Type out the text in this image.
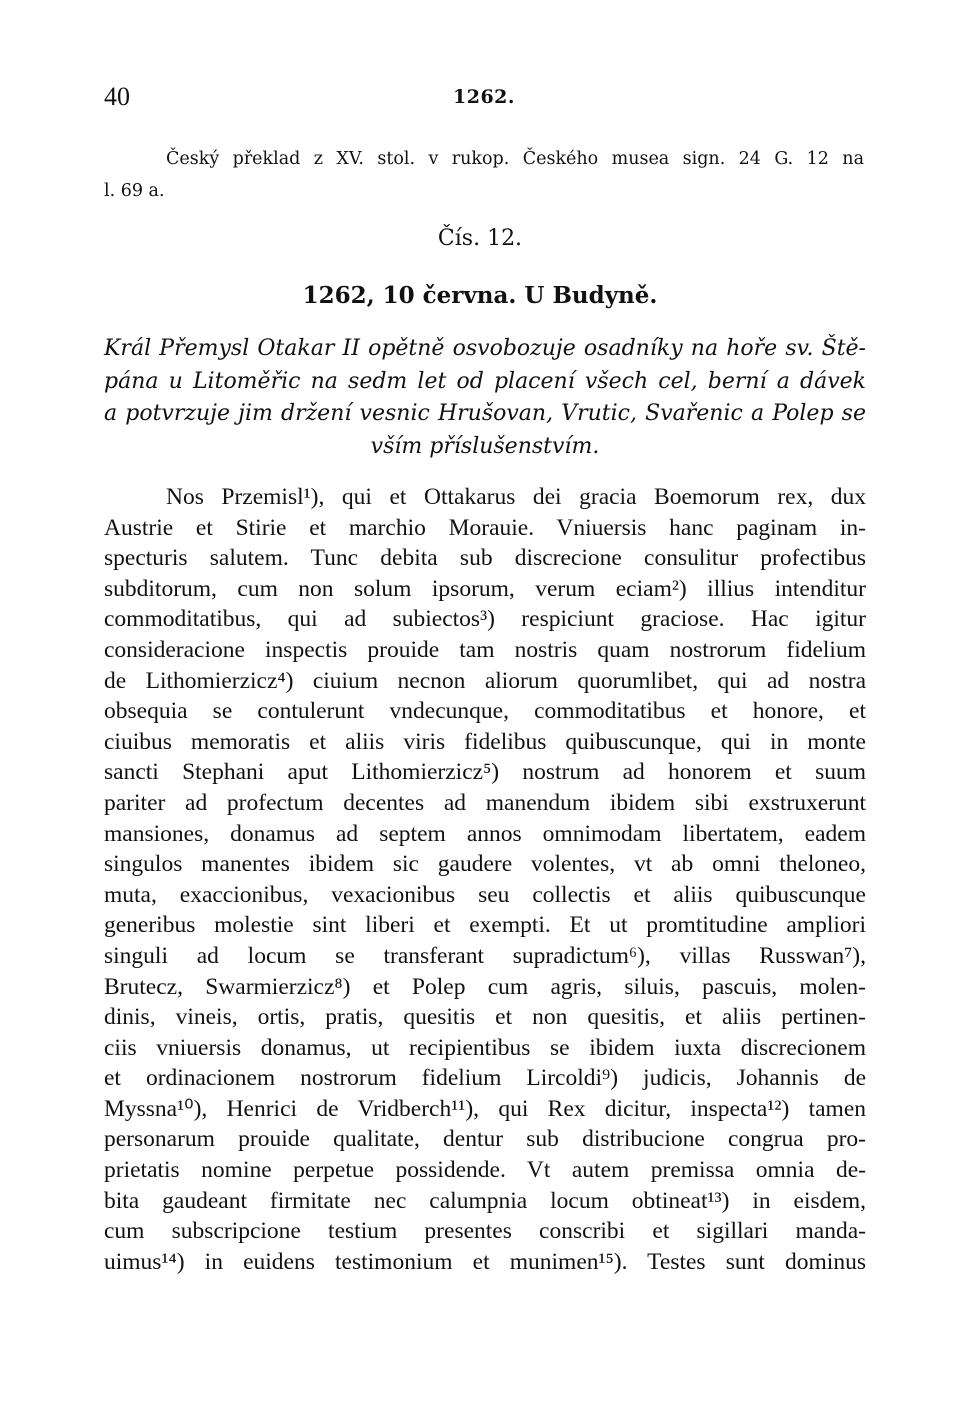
40	1262.
Český překlad z XV. stol. v rukop. Českého musea sign. 24 G. 12 na
l. 69 a.
Čís. 12.
1262, 10 června. U Budyně.
Král Přemysl Otakar II opětně osvobozuje osadníky na hoře sv. Ště-
pána u Litoměřic na sedm let od placení všech cel, berní a dávek
a potvrzuje jim držení vesnic Hrušovan, Vrutic, Svařenic a Polep se
vším příslušenstvím.
Nos Przemisl¹), qui et Ottakarus dei gracia Boemorum rex, dux
Austrie et Stirie et marchio Morauie. Vniuersis hanc paginam in-
specturis salutem. Tunc debita sub discrecione consulitur profectibus
subditorum, cum non solum ipsorum, verum eciam²) illius intenditur
commoditatibus, qui ad subiectos³) respiciunt graciose. Hac igitur
consideracione inspectis prouide tam nostris quam nostrorum fidelium
de Lithomierzicz⁴) ciuium necnon aliorum quorumlibet, qui ad nostra
obsequia se contulerunt vndecunque, commoditatibus et honore, et
ciuibus memoratis et aliis viris fidelibus quibuscunque, qui in monte
sancti Stephani aput Lithomierzicz⁵) nostrum ad honorem et suum
pariter ad profectum decentes ad manendum ibidem sibi exstruxerunt
mansiones, donamus ad septem annos omnimodam libertatem, eadem
singulos manentes ibidem sic gaudere volentes, vt ab omni theloneo,
muta, exaccionibus, vexacionibus seu collectis et aliis quibuscunque
generibus molestie sint liberi et exempti. Et ut promtitudine ampliori
singuli ad locum se transferant supradictum⁶), villas Russwan⁷),
Brutecz, Swarmierzicz⁸) et Polep cum agris, siluis, pascuis, molen-
dinis, vineis, ortis, pratis, quesitis et non quesitis, et aliis pertinen-
ciis vniuersis donamus, ut recipientibus se ibidem iuxta discrecionem
et ordinacionem nostrorum fidelium Lircoldi⁹) judicis, Johannis de
Myssna¹⁰), Henrici de Vridberch¹¹), qui Rex dicitur, inspecta¹²) tamen
personarum prouide qualitate, dentur sub distribucione congrua pro-
prietatis nomine perpetue possidende. Vt autem premissa omnia de-
bita gaudeant firmitate nec calumpnia locum obtineat¹³) in eisdem,
cum subscripcione testium presentes conscribi et sigillari manda-
uimus¹⁴) in euidens testimonium et munimen¹⁵). Testes sunt dominus
